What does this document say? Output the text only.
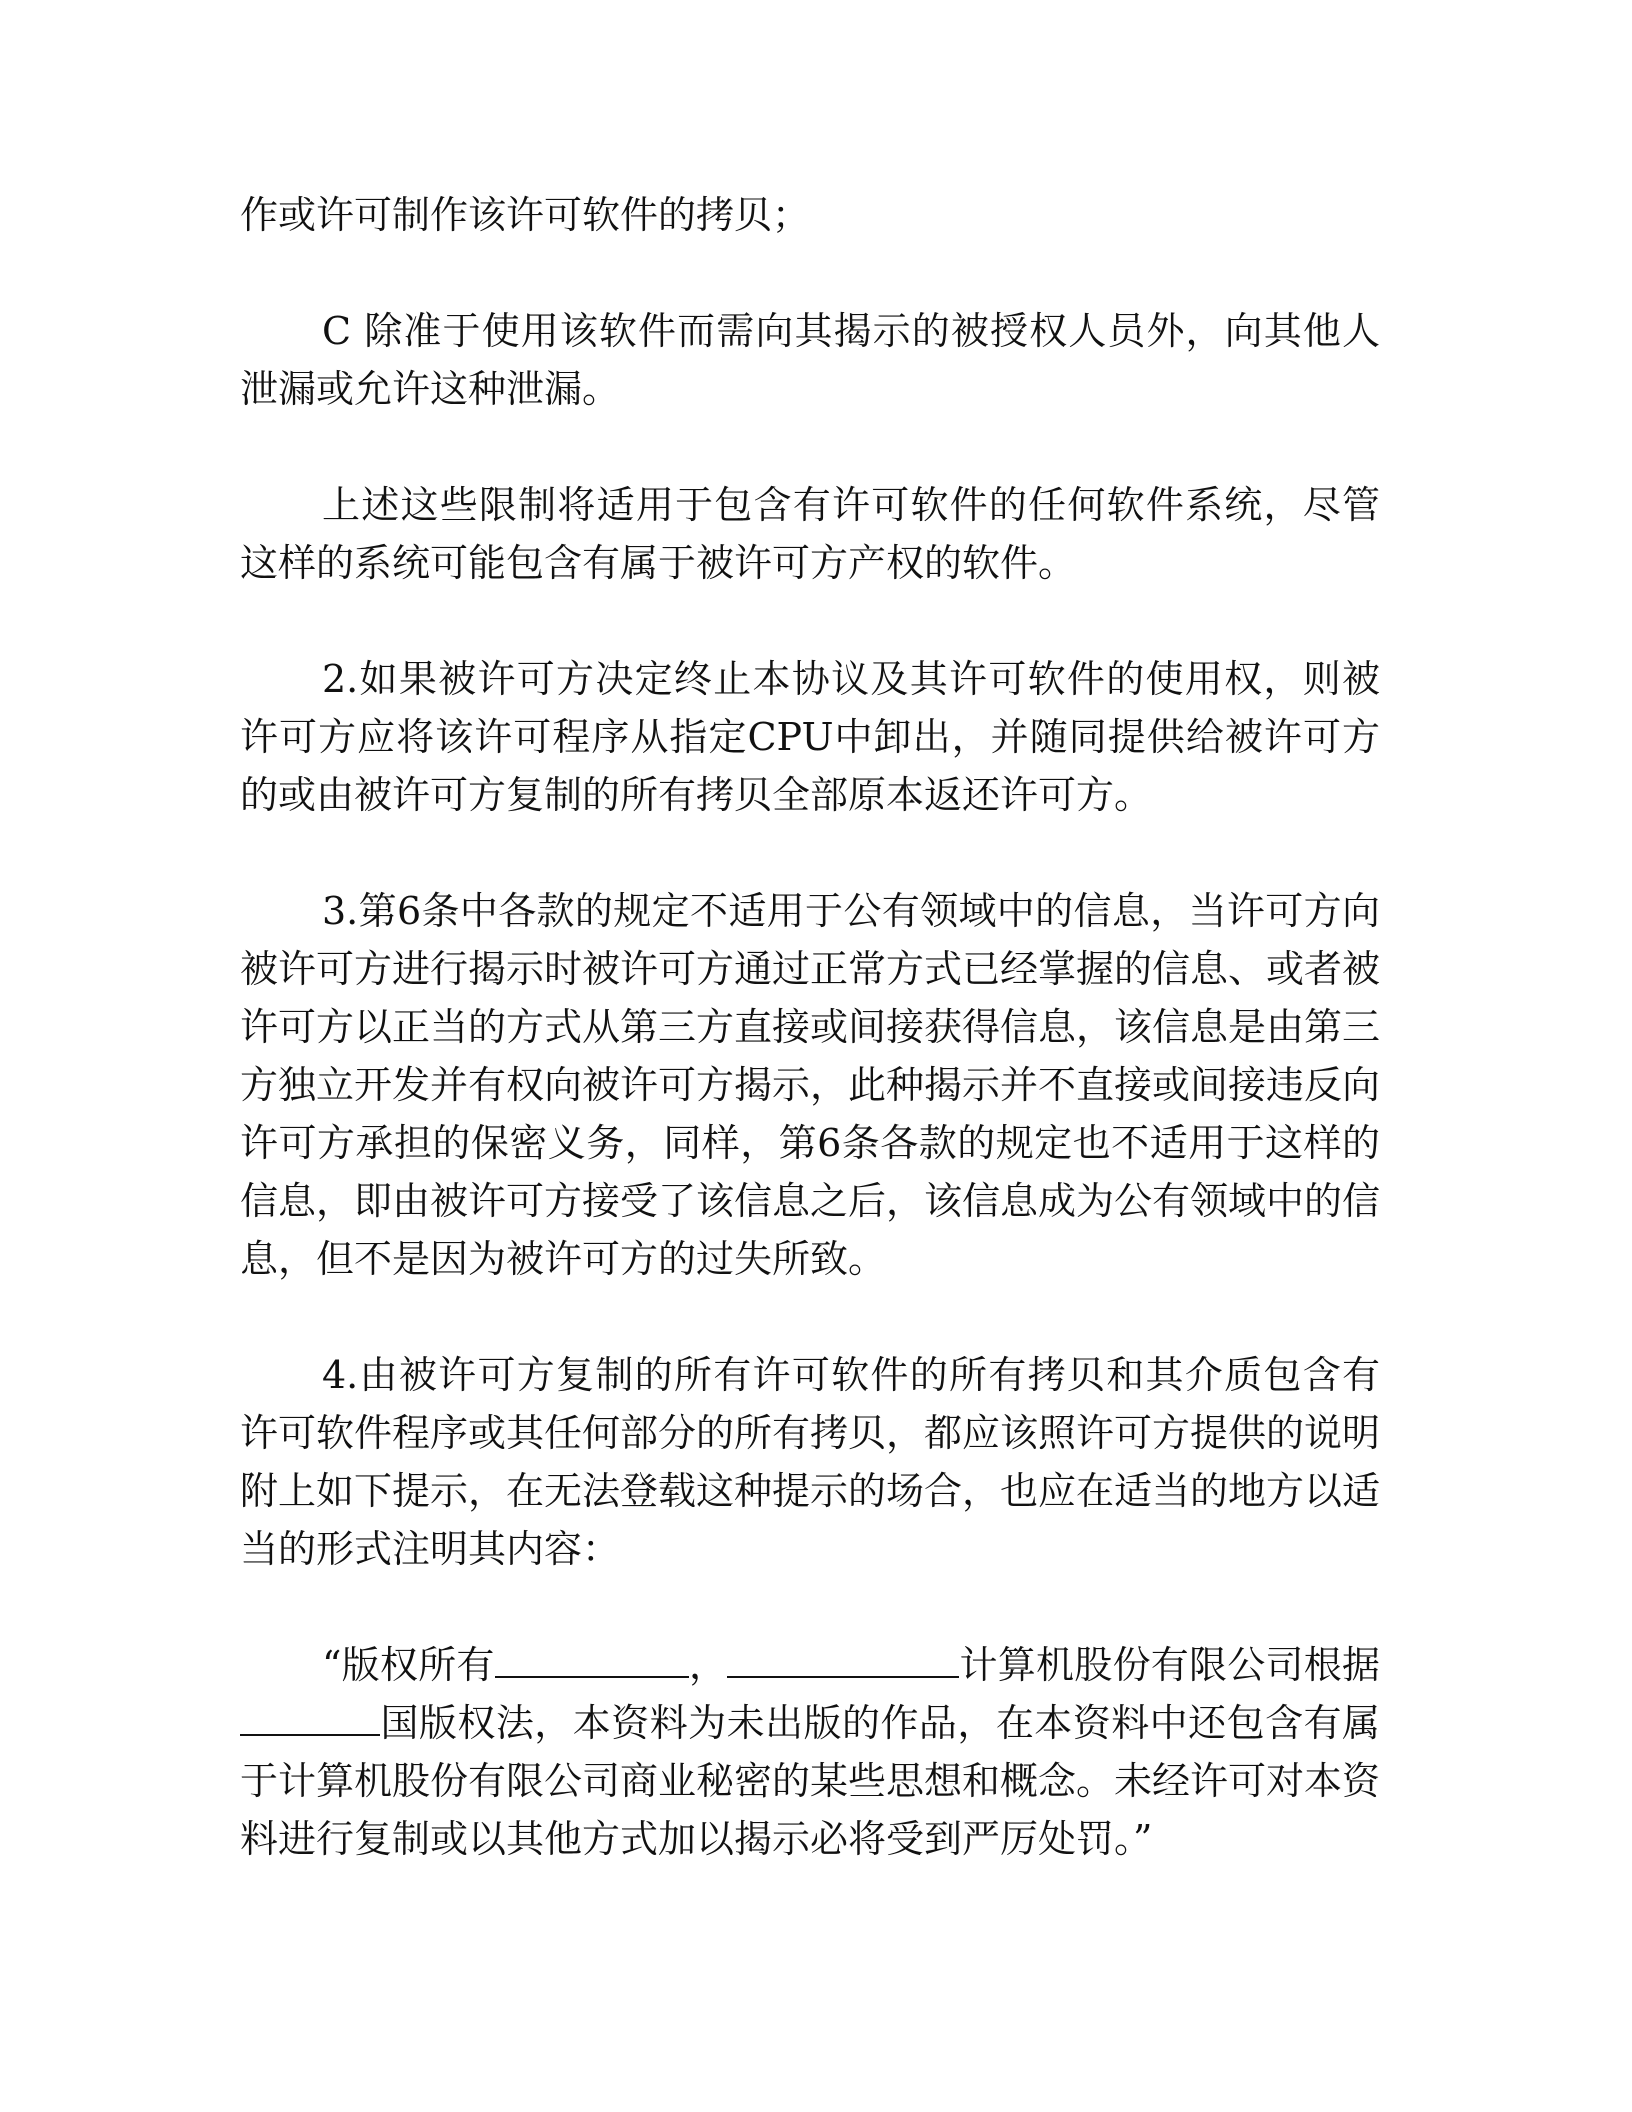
作或许可制作该许可软件的拷贝；

C 除准于使用该软件而需向其揭示的被授权人员外，向其他人泄漏或允许这种泄漏。

上述这些限制将适用于包含有许可软件的任何软件系统，尽管这样的系统可能包含有属于被许可方产权的软件。

2.如果被许可方决定终止本协议及其许可软件的使用权，则被许可方应将该许可程序从指定CPU中卸出，并随同提供给被许可方的或由被许可方复制的所有拷贝全部原本返还许可方。

3.第6条中各款的规定不适用于公有领域中的信息，当许可方向被许可方进行揭示时被许可方通过正常方式已经掌握的信息、或者被许可方以正当的方式从第三方直接或间接获得信息，该信息是由第三方独立开发并有权向被许可方揭示，此种揭示并不直接或间接违反向许可方承担的保密义务，同样，第6条各款的规定也不适用于这样的信息，即由被许可方接受了该信息之后，该信息成为公有领域中的信息，但不是因为被许可方的过失所致。

4.由被许可方复制的所有许可软件的所有拷贝和其介质包含有许可软件程序或其任何部分的所有拷贝，都应该照许可方提供的说明附上如下提示，在无法登载这种提示的场合，也应在适当的地方以适当的形式注明其内容：

“版权所有	，	计算机股份有限公司根据国版权法，本资料为未出版的作品，在本资料中还包含有属于计算机股份有限公司商业秘密的某些思想和概念。未经许可对本资料进行复制或以其他方式加以揭示必将受到严厉处罚。”
